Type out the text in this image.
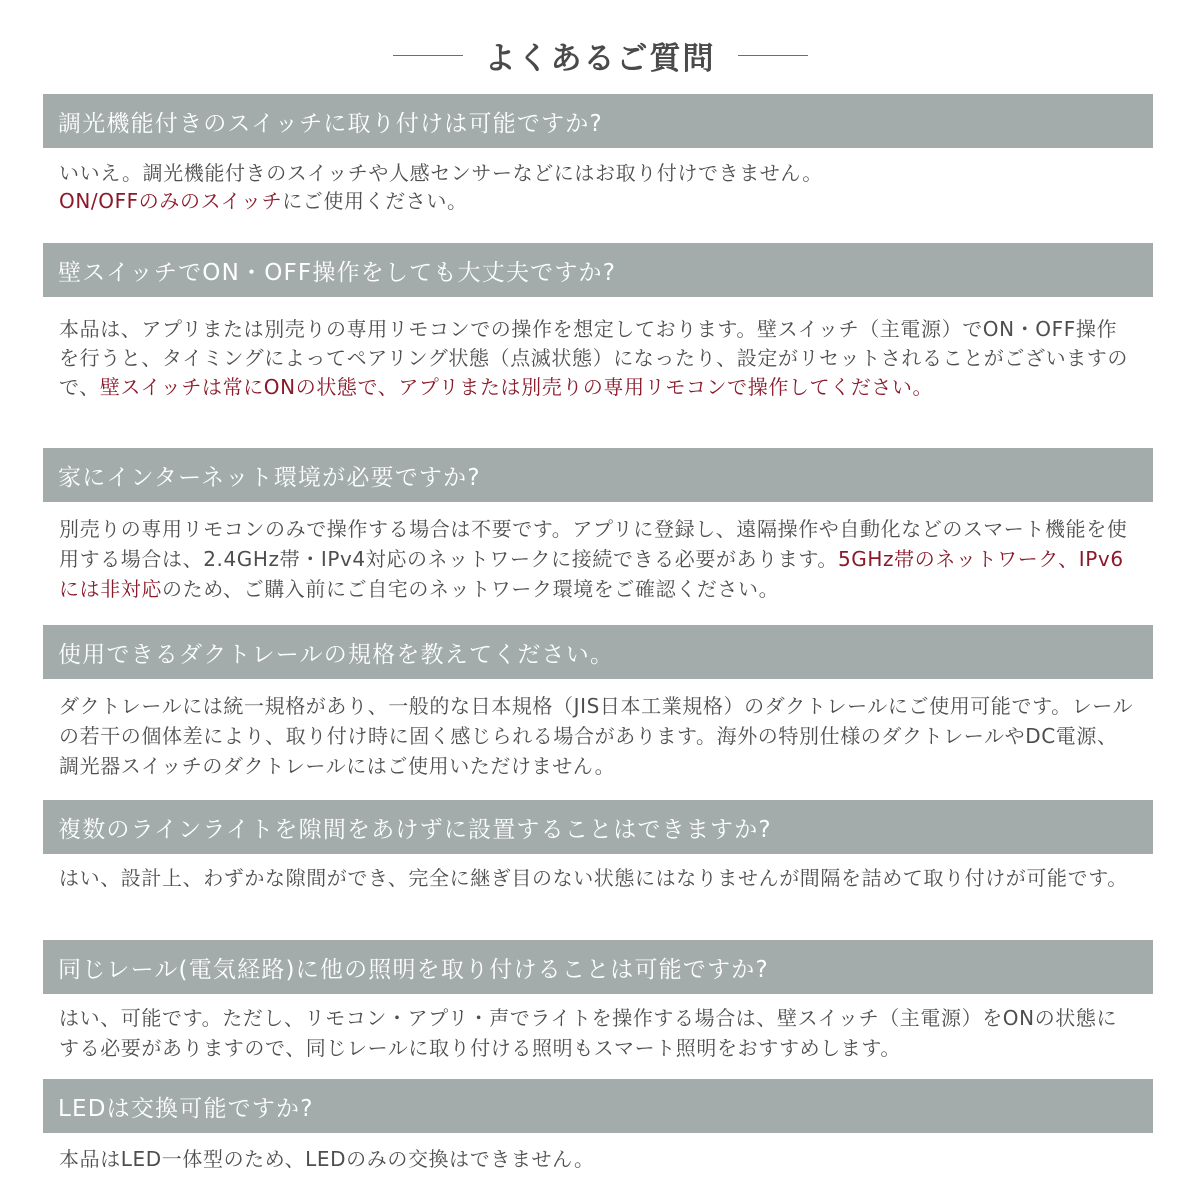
よくあるご質問
調光機能付きのスイッチに取り付けは可能ですか?
いいえ。調光機能付きのスイッチや人感センサーなどにはお取り付けできません。
ON/OFFのみのスイッチにご使用ください。
壁スイッチでON・OFF操作をしても大丈夫ですか?
本品は、アプリまたは別売りの専用リモコンでの操作を想定しております。壁スイッチ（主電源）でON・OFF操作を行うと、タイミングによってペアリング状態（点滅状態）になったり、設定がリセットされることがございますので、壁スイッチは常にONの状態で、アプリまたは別売りの専用リモコンで操作してください。
家にインターネット環境が必要ですか?
別売りの専用リモコンのみで操作する場合は不要です。アプリに登録し、遠隔操作や自動化などのスマート機能を使用する場合は、2.4GHz帯・IPv4対応のネットワークに接続できる必要があります。5GHz帯のネットワーク、IPv6には非対応のため、ご購入前にご自宅のネットワーク環境をご確認ください。
使用できるダクトレールの規格を教えてください。
ダクトレールには統一規格があり、一般的な日本規格（JIS日本工業規格）のダクトレールにご使用可能です。レールの若干の個体差により、取り付け時に固く感じられる場合があります。海外の特別仕様のダクトレールやDC電源、調光器スイッチのダクトレールにはご使用いただけません。
複数のラインライトを隙間をあけずに設置することはできますか?
はい、設計上、わずかな隙間ができ、完全に継ぎ目のない状態にはなりませんが間隔を詰めて取り付けが可能です。
同じレール(電気経路)に他の照明を取り付けることは可能ですか?
はい、可能です。ただし、リモコン・アプリ・声でライトを操作する場合は、壁スイッチ（主電源）をONの状態にする必要がありますので、同じレールに取り付ける照明もスマート照明をおすすめします。
LEDは交換可能ですか?
本品はLED一体型のため、LEDのみの交換はできません。
